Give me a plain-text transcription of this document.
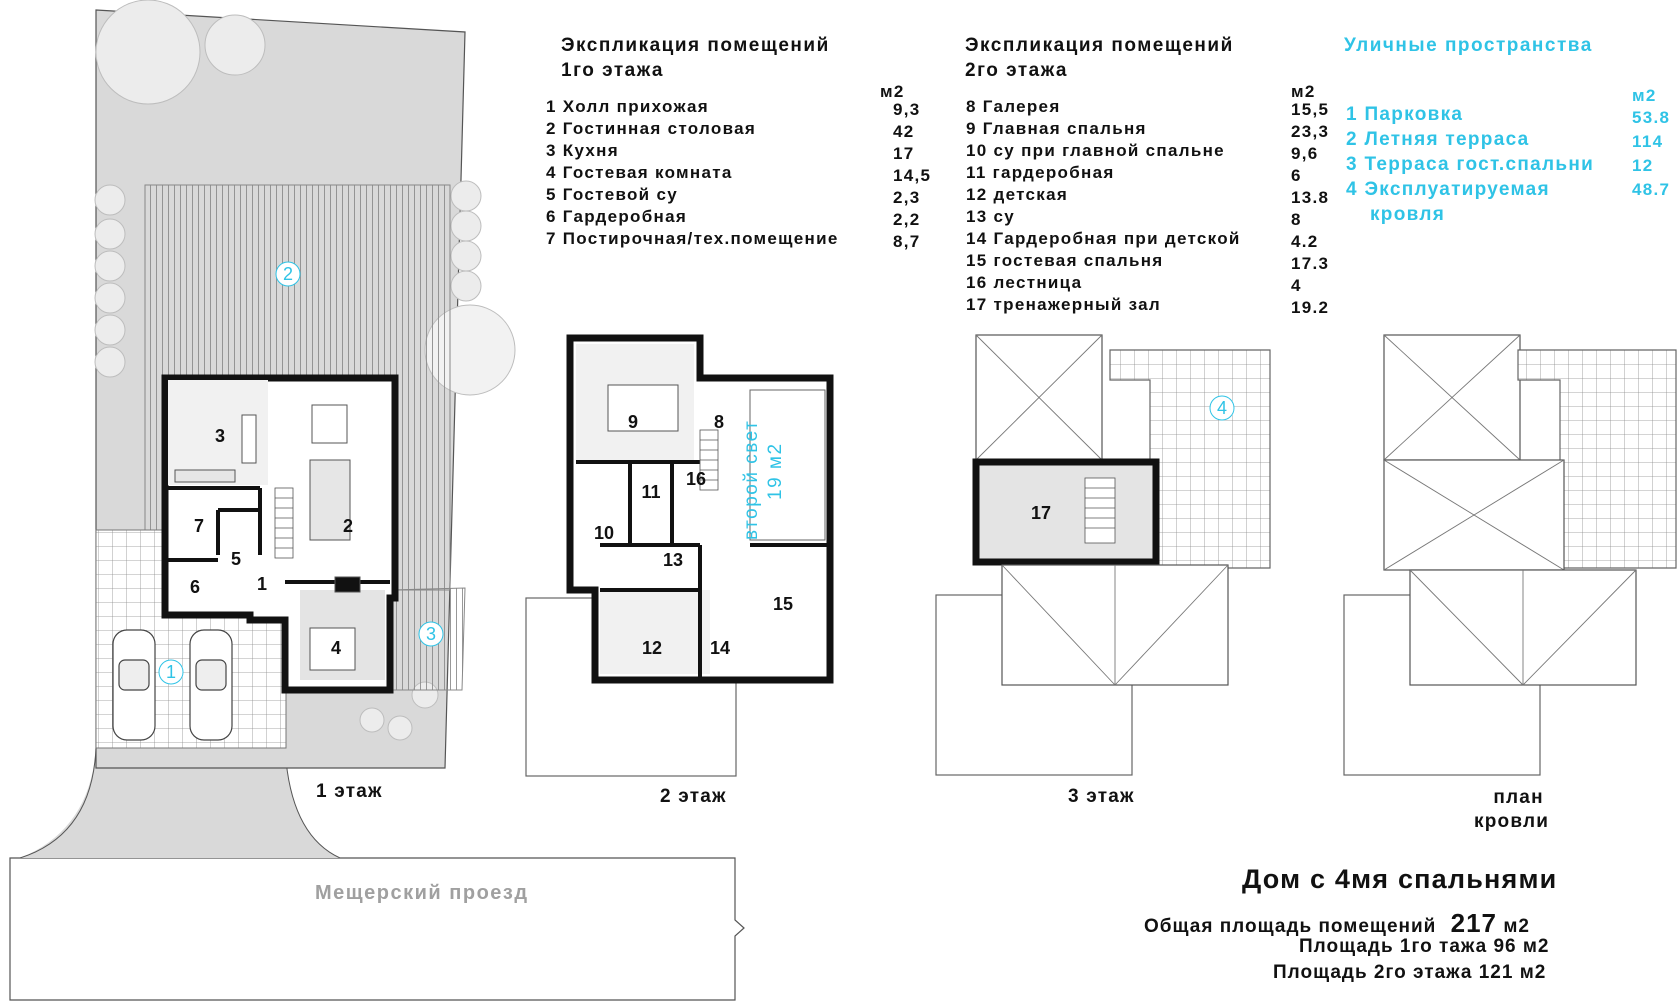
2
1
3
3
2
7
5
6	1
4
9	8
16
11
10
13
12	14
15
4
17
Экспликация помещений
1го этажа
м2
1 Холл прихожая	9,3
2 Гостинная столовая	42
3 Кухня	17
4 Гостевая комната	14,5
5 Гостевой су	2,3
6 Гардеробная	2,2
7 Постирочная/тех.помещение	8,7
Экспликация помещений
2го этажа
м2
8 Галерея	15,5
9 Главная спальня	23,3
10 су при главной спальне	9,6
11 гардеробная	6
12 детская	13.8
13 су	8
14 Гардеробная при детской	4.2
15 гостевая спальня	17.3
16 лестница	4
17 тренажерный зал	19.2
Уличные пространства
м2
1 Парковка	53.8
2 Летняя терраса	114
3 Терраса гост.спальни 12
4 Эксплуатируемая	48.7
кровля
второй свет 19 м2
1 этаж	2 этаж	3 этаж	план
кровли
Мещерский проезд	Дом с 4мя спальнями
Общая площадь помещений 217 м2
Площадь 1го тажа 96 м2
Площадь 2го этажа 121 м2
